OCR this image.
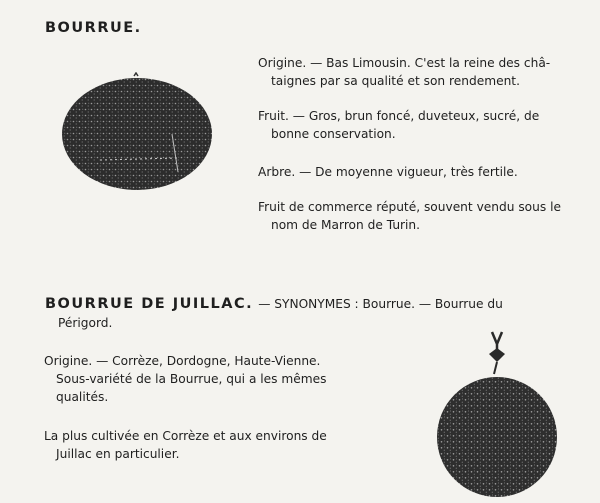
BOURRUE.
Origine. — Bas Limousin. C'est la reine des châ-
taignes par sa qualité et son rendement.
Fruit. — Gros, brun foncé, duveteux, sucré, de
bonne conservation.
Arbre. — De moyenne vigueur, très fertile.
Fruit de commerce réputé, souvent vendu sous le
nom de Marron de Turin.
BOURRUE DE JUILLAC. — SYNONYMES : Bourrue. — Bourrue du
Périgord.
Origine. — Corrèze, Dordogne, Haute-Vienne.
Sous-variété de la Bourrue, qui a les mêmes
qualités.
La plus cultivée en Corrèze et aux environs de
Juillac en particulier.
